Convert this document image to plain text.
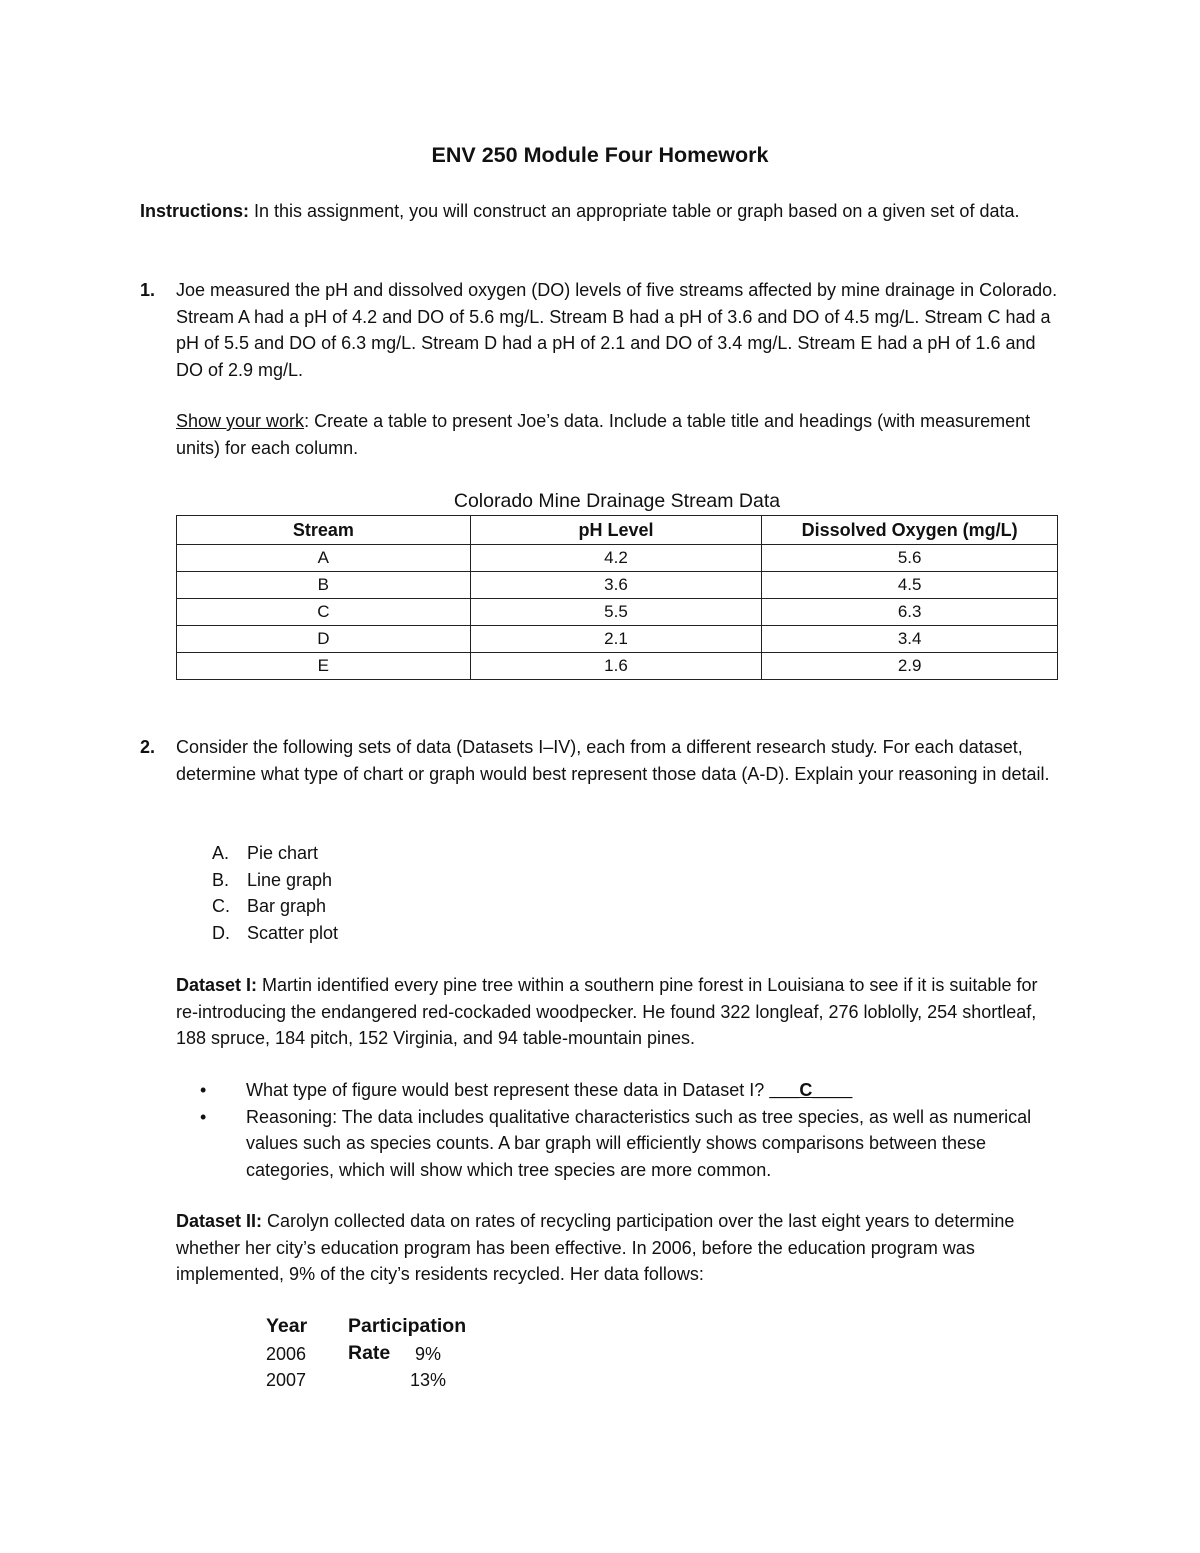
ENV 250 Module Four Homework
Instructions: In this assignment, you will construct an appropriate table or graph based on a given set of data.
1. Joe measured the pH and dissolved oxygen (DO) levels of five streams affected by mine drainage in Colorado. Stream A had a pH of 4.2 and DO of 5.6 mg/L. Stream B had a pH of 3.6 and DO of 4.5 mg/L. Stream C had a pH of 5.5 and DO of 6.3 mg/L. Stream D had a pH of 2.1 and DO of 3.4 mg/L. Stream E had a pH of 1.6 and DO of 2.9 mg/L.
Show your work: Create a table to present Joe’s data. Include a table title and headings (with measurement units) for each column.
Colorado Mine Drainage Stream Data
Stream	pH Level	Dissolved Oxygen (mg/L)
A	4.2	5.6
B	3.6	4.5
C	5.5	6.3
D	2.1	3.4
E	1.6	2.9
2. Consider the following sets of data (Datasets I–IV), each from a different research study. For each dataset, determine what type of chart or graph would best represent those data (A-D). Explain your reasoning in detail.
A. Pie chart
B. Line graph
C. Bar graph
D. Scatter plot
Dataset I: Martin identified every pine tree within a southern pine forest in Louisiana to see if it is suitable for re-introducing the endangered red-cockaded woodpecker. He found 322 longleaf, 276 loblolly, 254 shortleaf, 188 spruce, 184 pitch, 152 Virginia, and 94 table-mountain pines.
• What type of figure would best represent these data in Dataset I? ___C____
• Reasoning: The data includes qualitative characteristics such as tree species, as well as numerical values such as species counts. A bar graph will efficiently shows comparisons between these categories, which will show which tree species are more common.
Dataset II: Carolyn collected data on rates of recycling participation over the last eight years to determine whether her city’s education program has been effective. In 2006, before the education program was implemented, 9% of the city’s residents recycled. Her data follows:
Year Participation Rate
2006	9%
2007	13%
